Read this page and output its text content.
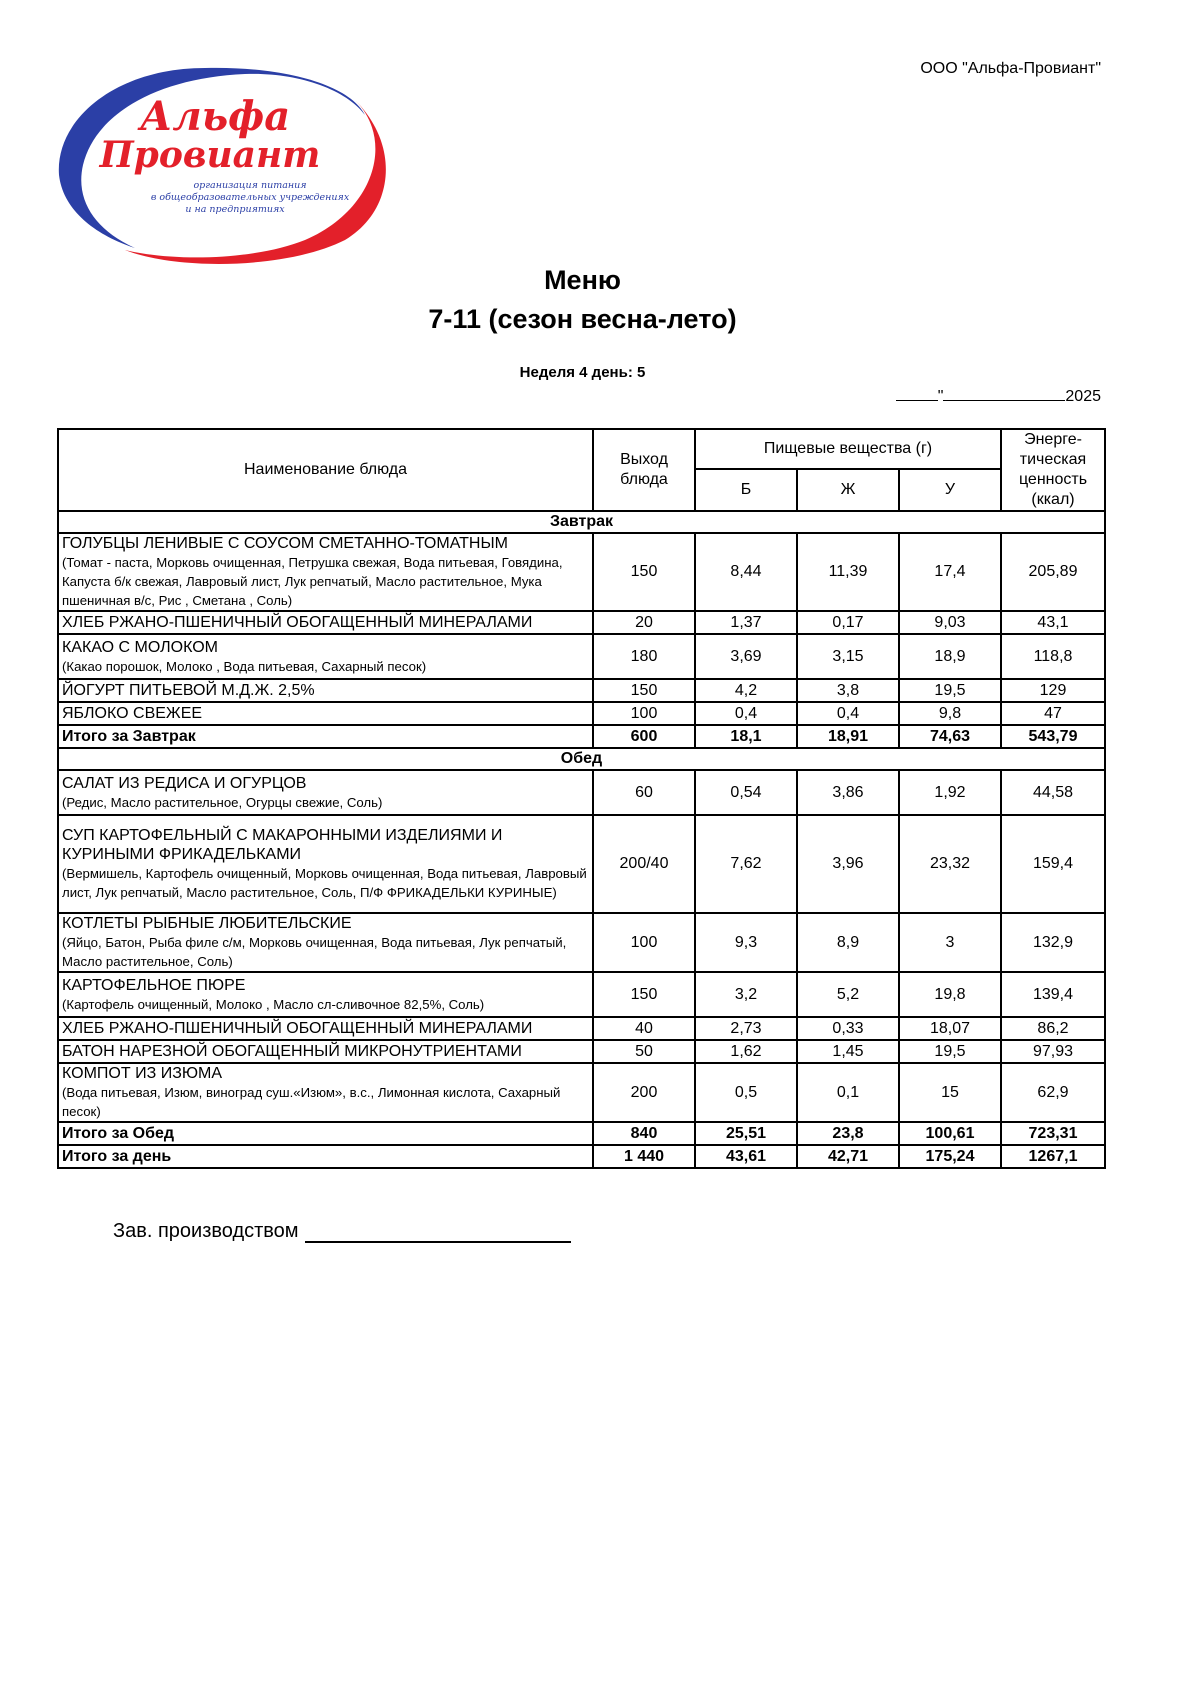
ООО "Альфа-Провиант"
Альфа
Провиант
организация питания
в общеобразовательных учреждениях
и на предприятиях
Меню
7-11 (сезон весна-лето)
Неделя 4 день: 5
"	2025
Наименование блюда	Выход блюда	Пищевые вещества (г)			Энерге-тическая ценность (ккал)
		Б	Ж	У	
Завтрак					

ГОЛУБЦЫ ЛЕНИВЫЕ С СОУСОМ СМЕТАННО-ТОМАТНЫМ
(Томат - паста, Морковь очищенная, Петрушка свежая, Вода питьевая, Говядина, Капуста б/к свежая, Лавровый лист, Лук репчатый, Масло растительное, Мука пшеничная в/с, Рис , Сметана , Соль)	150	8,44	11,39	17,4	205,89

ХЛЕБ РЖАНО-ПШЕНИЧНЫЙ ОБОГАЩЕННЫЙ МИНЕРАЛАМИ	20	1,37	0,17	9,03	43,1

КАКАО С МОЛОКОМ
(Какао порошок, Молоко , Вода питьевая, Сахарный песок)	180	3,69	3,15	18,9	118,8

ЙОГУРТ ПИТЬЕВОЙ М.Д.Ж. 2,5%	150	4,2	3,8	19,5	129

ЯБЛОКО СВЕЖЕЕ	100	0,4	0,4	9,8	47
Итого за Завтрак	600	18,1	18,91	74,63	543,79
Обед					

САЛАТ ИЗ РЕДИСА И ОГУРЦОВ
(Редис, Масло растительное, Огурцы свежие, Соль)	60	0,54	3,86	1,92	44,58

СУП КАРТОФЕЛЬНЫЙ С МАКАРОННЫМИ ИЗДЕЛИЯМИ И КУРИНЫМИ ФРИКАДЕЛЬКАМИ
(Вермишель, Картофель очищенный, Морковь очищенная, Вода питьевая, Лавровый лист, Лук репчатый, Масло растительное, Соль, П/Ф ФРИКАДЕЛЬКИ КУРИНЫЕ)	200/40	7,62	3,96	23,32	159,4

КОТЛЕТЫ РЫБНЫЕ ЛЮБИТЕЛЬСКИЕ
(Яйцо, Батон, Рыба филе с/м, Морковь очищенная, Вода питьевая, Лук репчатый, Масло растительное, Соль)	100	9,3	8,9	3	132,9

КАРТОФЕЛЬНОЕ ПЮРЕ
(Картофель очищенный, Молоко , Масло сл-сливочное 82,5%, Соль)	150	3,2	5,2	19,8	139,4

ХЛЕБ РЖАНО-ПШЕНИЧНЫЙ ОБОГАЩЕННЫЙ МИНЕРАЛАМИ	40	2,73	0,33	18,07	86,2

БАТОН НАРЕЗНОЙ ОБОГАЩЕННЫЙ МИКРОНУТРИЕНТАМИ	50	1,62	1,45	19,5	97,93

КОМПОТ ИЗ ИЗЮМА
(Вода питьевая, Изюм, виноград суш.«Изюм», в.с., Лимонная кислота, Сахарный песок)	200	0,5	0,1	15	62,9
Итого за Обед	840	25,51	23,8	100,61	723,31
Итого за день	1 440	43,61	42,71	175,24	1267,1
Зав. производством
